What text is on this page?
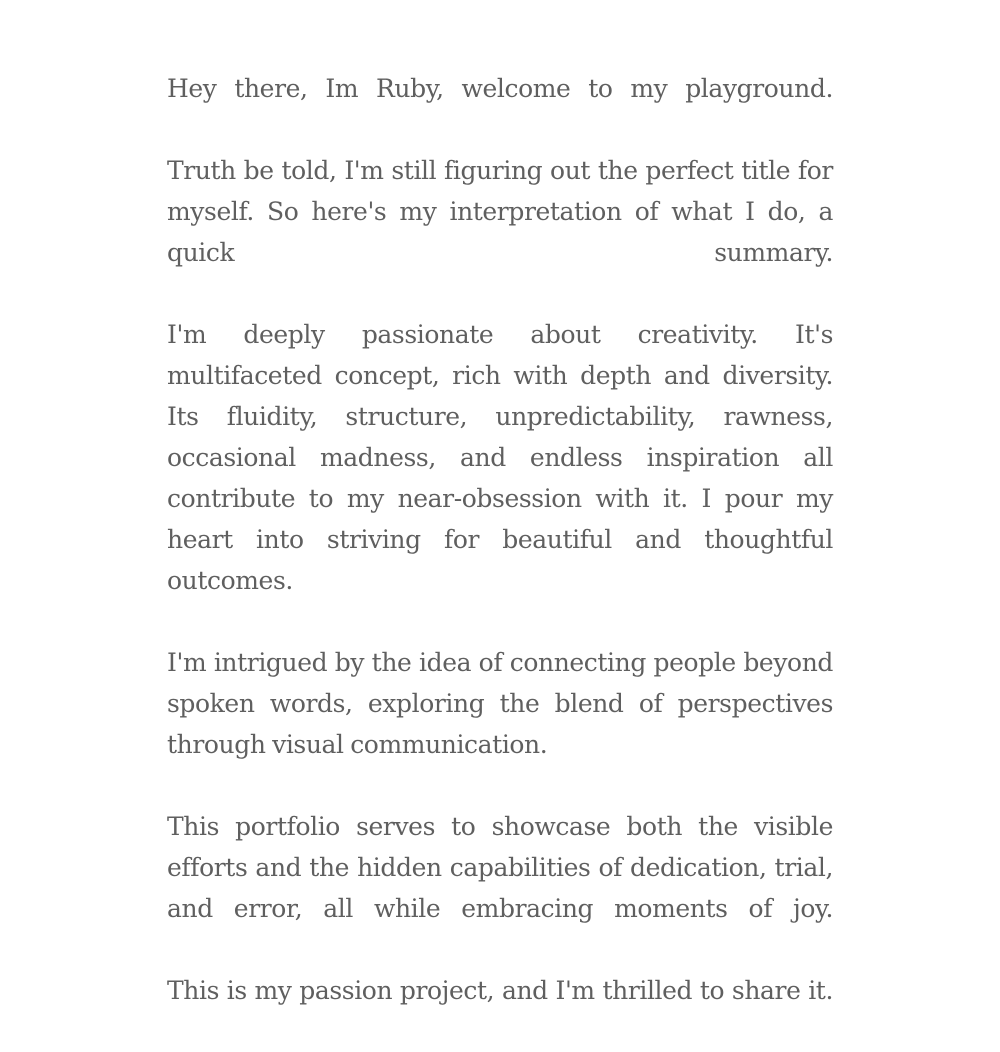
Hey there, Im Ruby, welcome to my playground.

Truth be told, I'm still figuring out the perfect title for myself. So here's my interpretation of what I do, a quick summary.

I'm deeply passionate about creativity. It's multifaceted concept, rich with depth and diversity. Its fluidity, structure, unpredictability, rawness, occasional madness, and endless inspiration all contribute to my near-obsession with it. I pour my heart into striving for beautiful and thoughtful outcomes.

I'm intrigued by the idea of connecting people beyond spoken words, exploring the blend of perspectives through visual communication.

This portfolio serves to showcase both the visible efforts and the hidden capabilities of dedication, trial, and error, all while embracing moments of joy.

This is my passion project, and I'm thrilled to share it.
